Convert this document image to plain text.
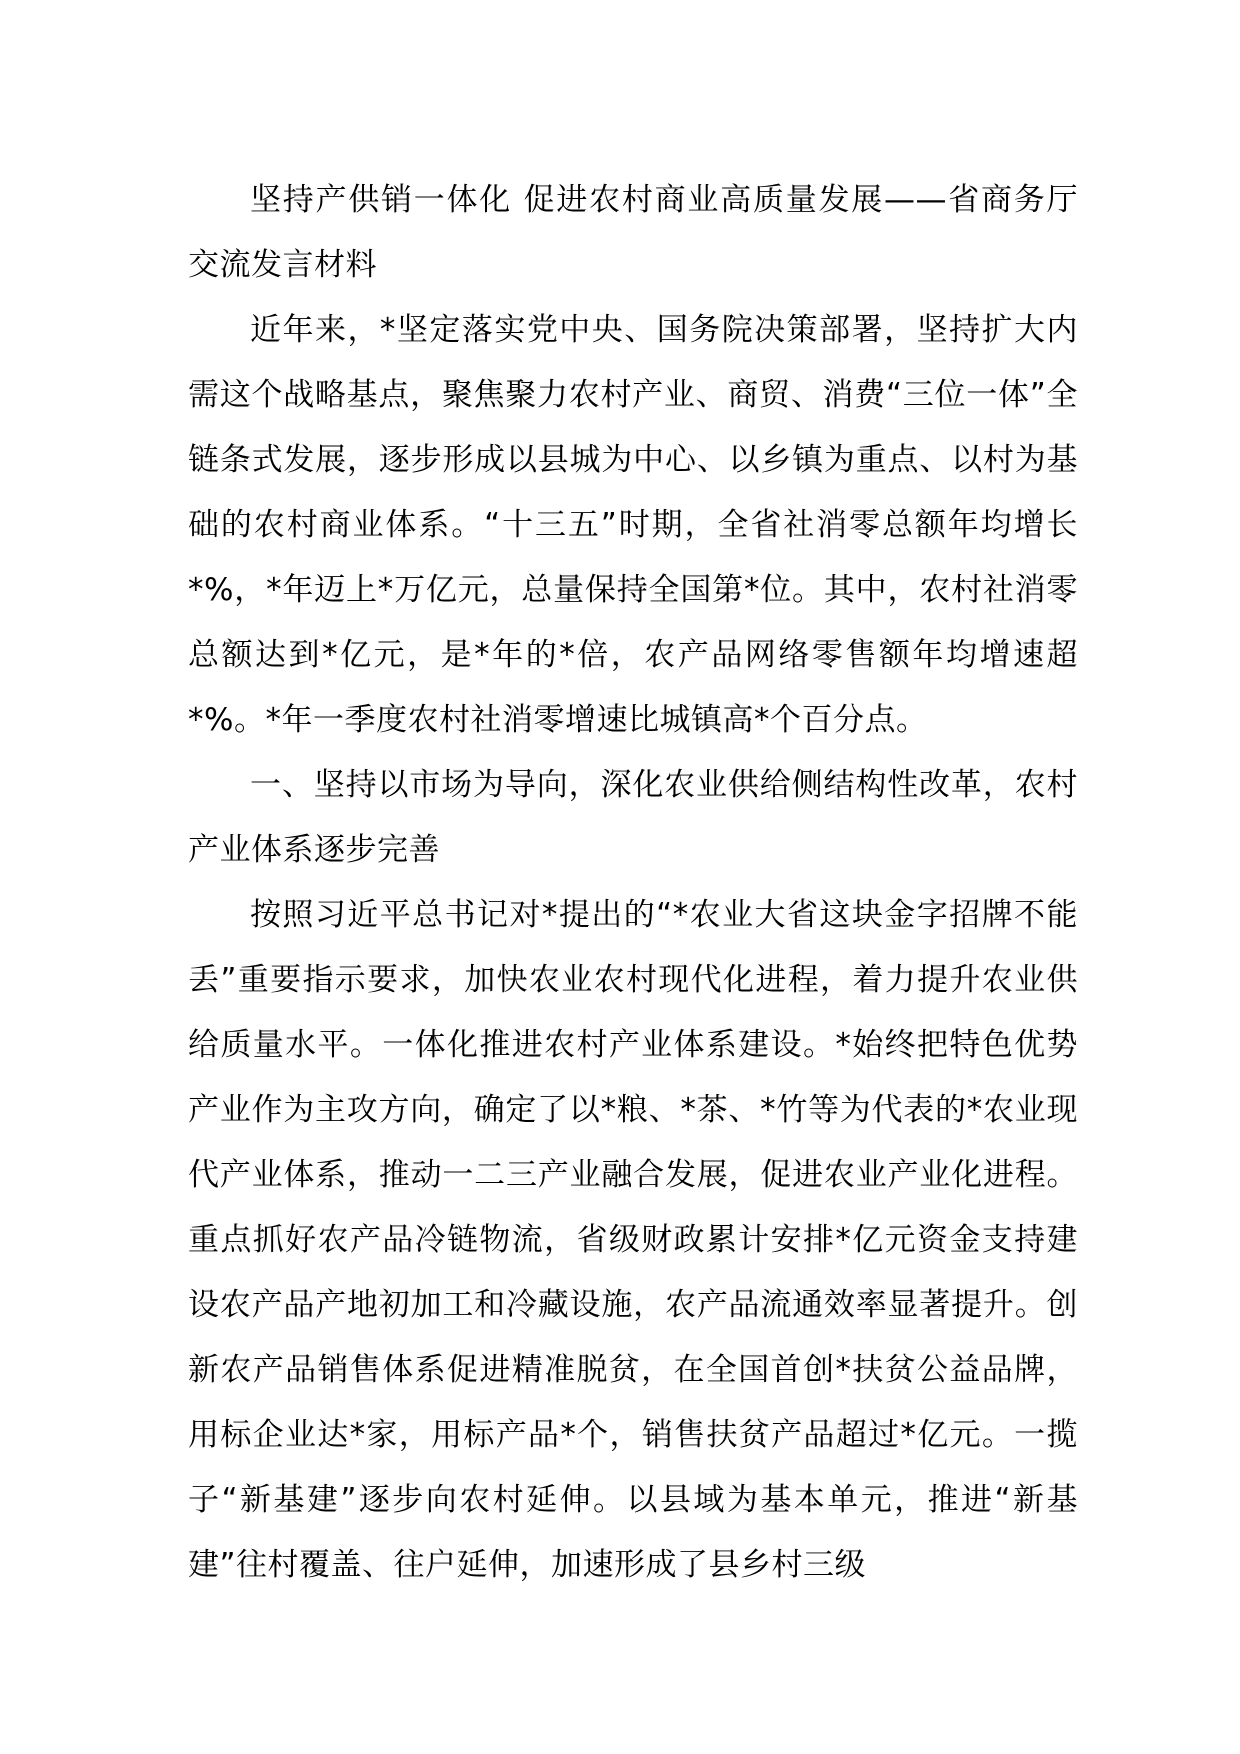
坚持产供销一体化 促进农村商业高质量发展——省商务厅交流发言材料

近年来，*坚定落实党中央、国务院决策部署，坚持扩大内需这个战略基点，聚焦聚力农村产业、商贸、消费“三位一体”全链条式发展，逐步形成以县城为中心、以乡镇为重点、以村为基础的农村商业体系。“十三五”时期，全省社消零总额年均增长*%，*年迈上*万亿元，总量保持全国第*位。其中，农村社消零总额达到*亿元，是*年的*倍，农产品网络零售额年均增速超*%。*年一季度农村社消零增速比城镇高*个百分点。

一、坚持以市场为导向，深化农业供给侧结构性改革，农村产业体系逐步完善

按照习近平总书记对*提出的“*农业大省这块金字招牌不能丢”重要指示要求，加快农业农村现代化进程，着力提升农业供给质量水平。一体化推进农村产业体系建设。*始终把特色优势产业作为主攻方向，确定了以*粮、*茶、*竹等为代表的*农业现代产业体系，推动一二三产业融合发展，促进农业产业化进程。重点抓好农产品冷链物流，省级财政累计安排*亿元资金支持建设农产品产地初加工和冷藏设施，农产品流通效率显著提升。创新农产品销售体系促进精准脱贫，在全国首创*扶贫公益品牌，用标企业达*家，用标产品*个，销售扶贫产品超过*亿元。一揽子“新基建”逐步向农村延伸。以县域为基本单元，推进“新基建”往村覆盖、往户延伸，加速形成了县乡村三级
